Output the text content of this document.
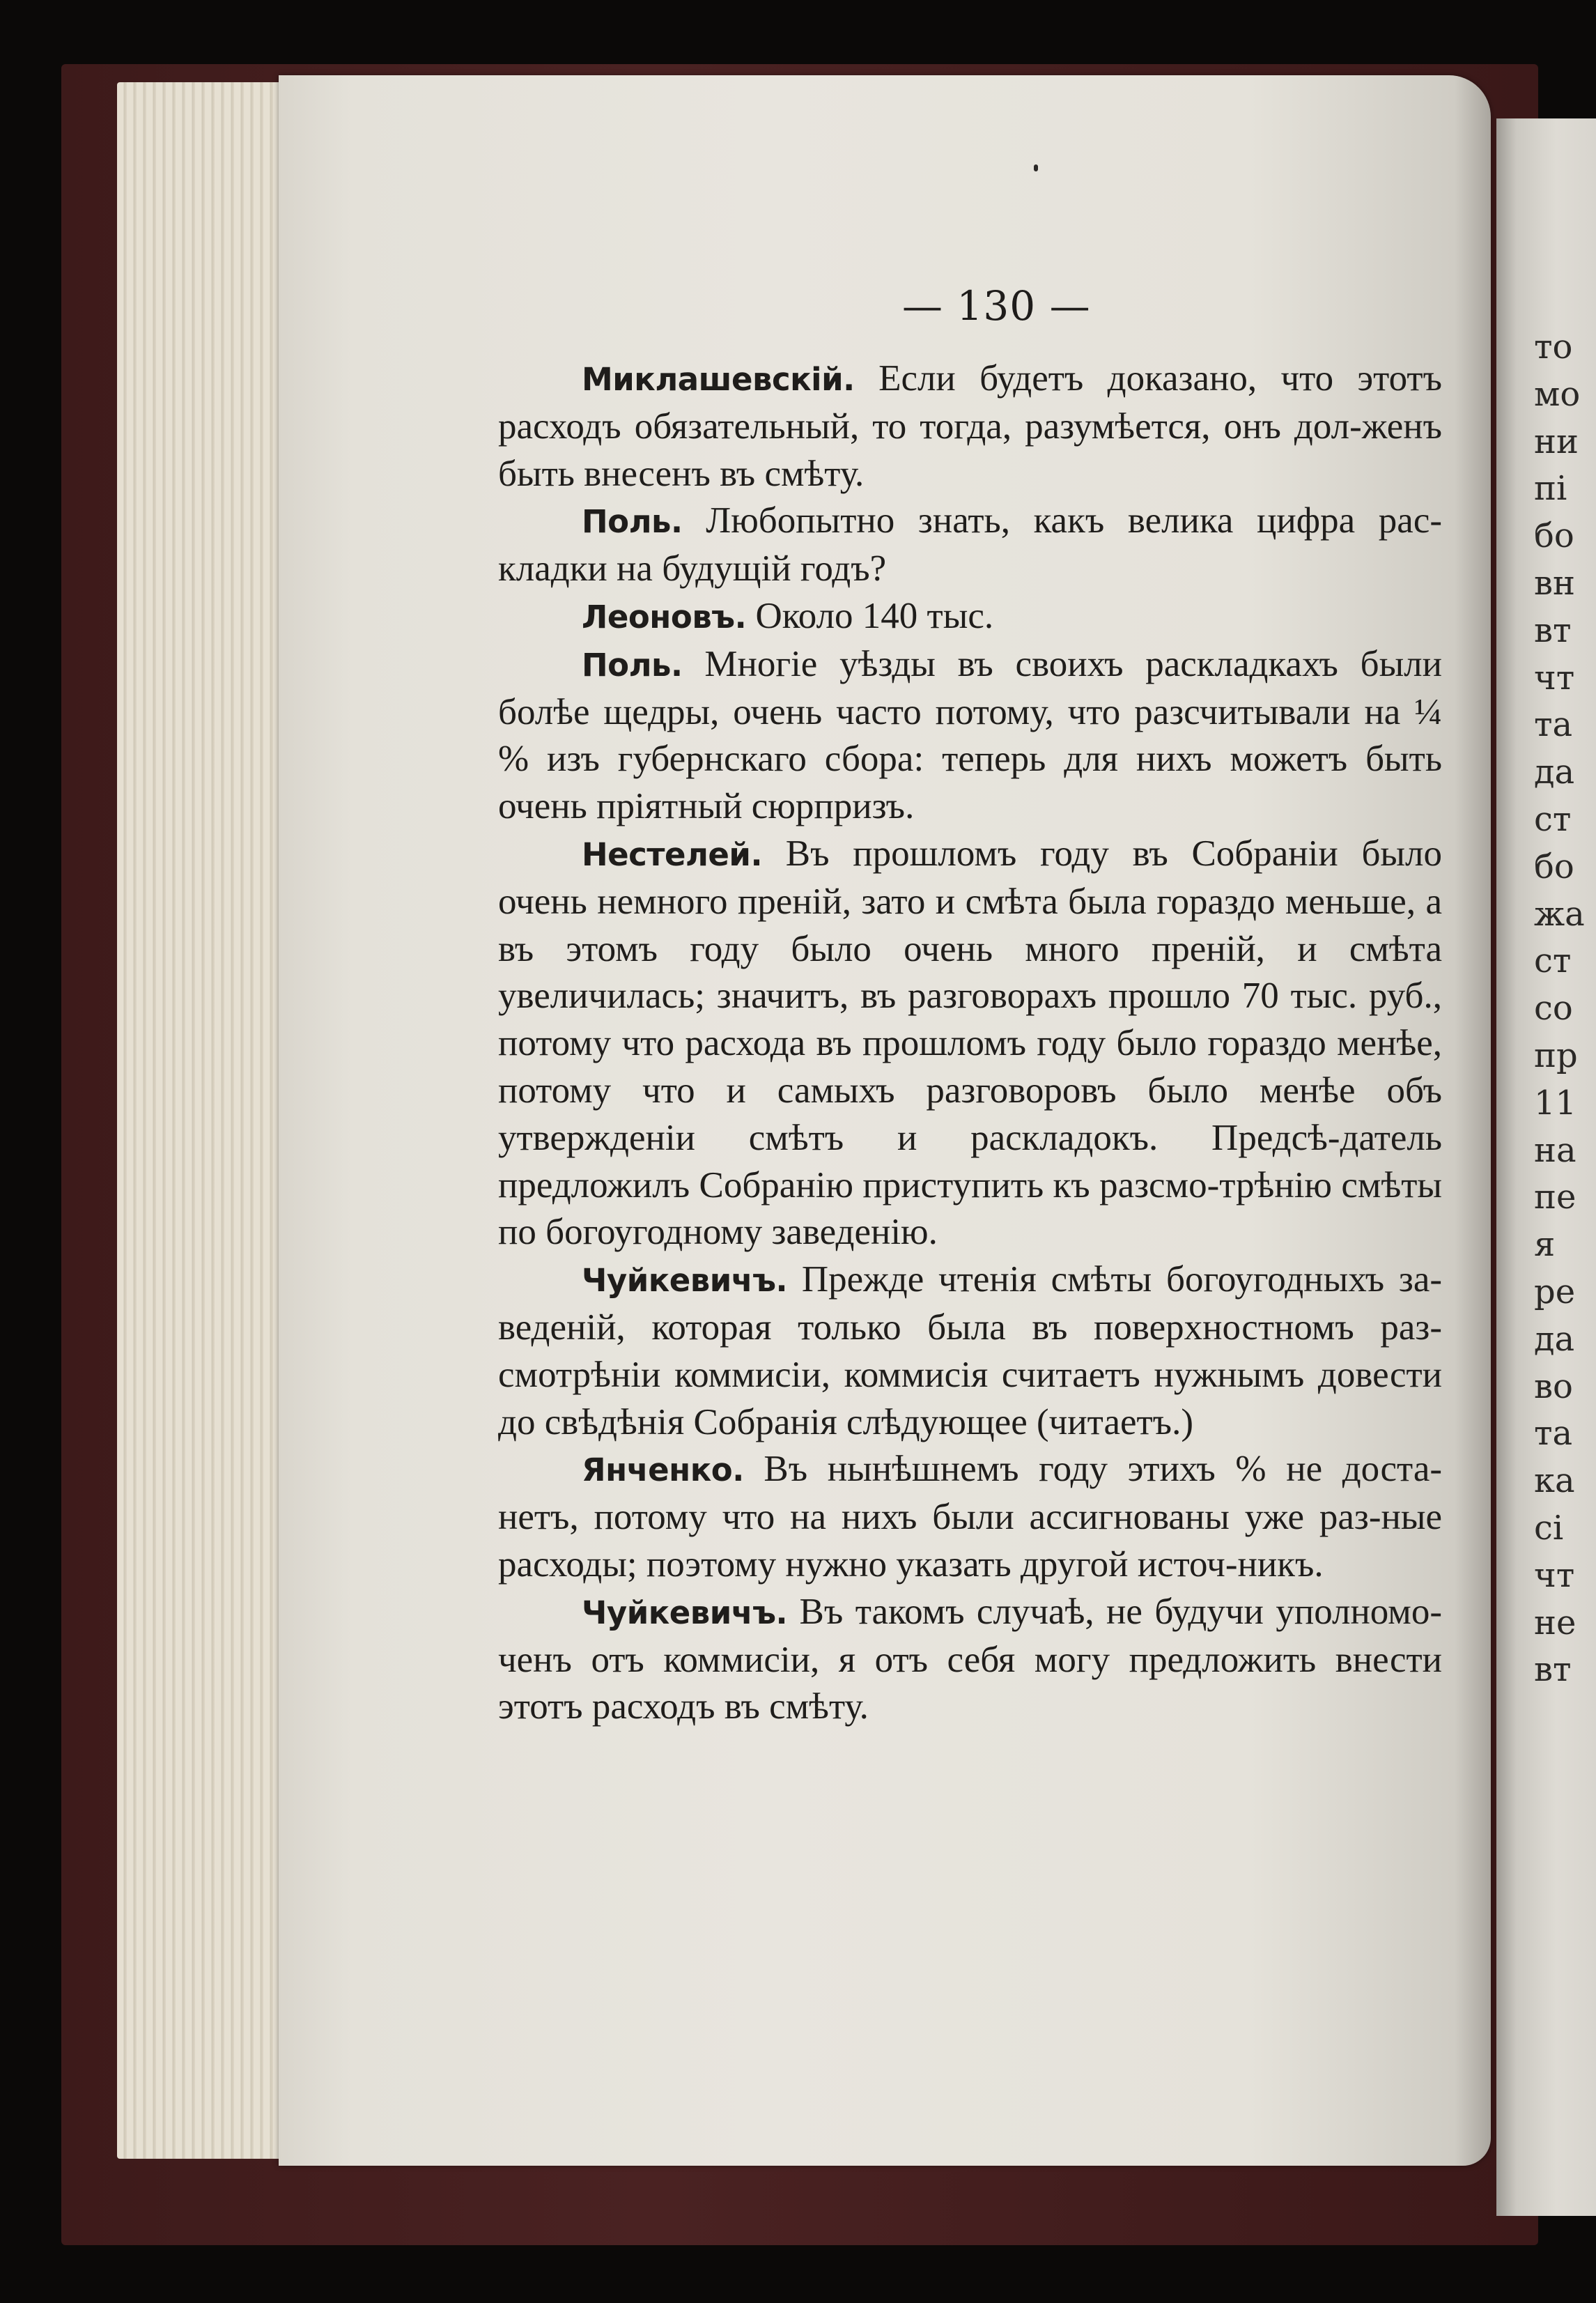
— 130 —

Миклашевскій. Если будетъ доказано, что этотъ расходъ обязательный, то тогда, разумѣется, онъ дол-женъ быть внесенъ въ смѣту.

Поль. Любопытно знать, какъ велика цифра рас-кладки на будущій годъ?

Леоновъ. Около 140 тыс.

Поль. Многіе уѣзды въ своихъ раскладкахъ были болѣе щедры, очень часто потому, что разсчитывали на ¼ % изъ губернскаго сбора: теперь для нихъ можетъ быть очень пріятный сюрпризъ.

Нестелей. Въ прошломъ году въ Собраніи было очень немного преній, зато и смѣта была гораздо меньше, а въ этомъ году было очень много преній, и смѣта увеличилась; значитъ, въ разговорахъ прошло 70 тыс. руб., потому что расхода въ прошломъ году было гораздо менѣе, потому что и самыхъ разговоровъ было менѣе объ утвержденіи смѣтъ и раскладокъ. Предсѣ-датель предложилъ Собранію приступить къ разсмо-трѣнію смѣты по богоугодному заведенію.

Чуйкевичъ. Прежде чтенія смѣты богоугодныхъ за-веденій, которая только была въ поверхностномъ раз-смотрѣніи коммисіи, коммисія считаетъ нужнымъ довести до свѣдѣнія Собранія слѣдующее (читаетъ.)

Янченко. Въ нынѣшнемъ году этихъ % не доста-нетъ, потому что на нихъ были ассигнованы уже раз-ные расходы; поэтому нужно указать другой источ-никъ.

Чуйкевичъ. Въ такомъ случаѣ, не будучи уполномо-ченъ отъ коммисіи, я отъ себя могу предложить внести этотъ расходъ въ смѣту.

то
мо
ни
пі
бо
вн
вт
чт
та
да
ст
бо
жа
ст
со
пр
11
на
пе
я
ре
да
во
та
ка
сі
чт
не
вт
